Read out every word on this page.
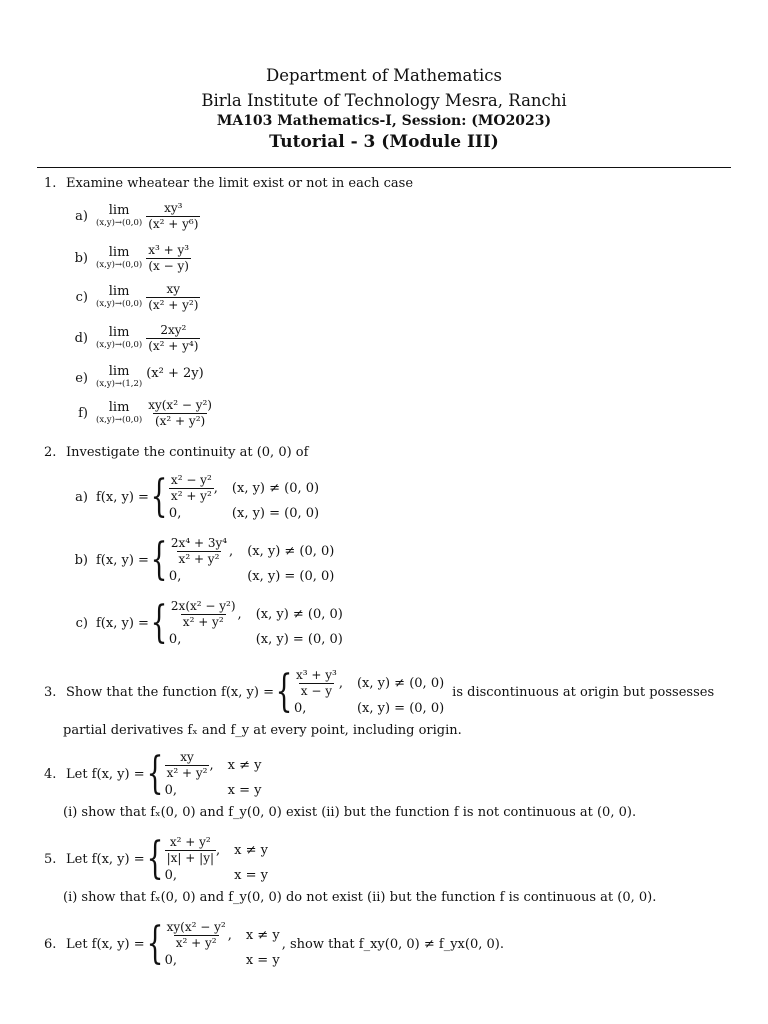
Department of Mathematics
Birla Institute of Technology Mesra, Ranchi
MA103 Mathematics-I, Session: (MO2023)
Tutorial - 3 (Module III)
1. Examine wheatear the limit exist or not in each case
a) lim
$(x,y)\to(0,0) \frac{\text{xy³}}{\text{(x² + y⁶)}}$
b) lim
$(x,y)\to(0,0) \frac{\text{x³ + y³}}{(x - y)}$
c) lim
$(x,y)\to(0,0) \frac{xy}{\text{(x² + y²)}}$
d) lim
$(x,y)\to(0,0) \frac{\text{2xy²}}{\text{(x² + y⁴)}}$
e) lim
(x,y)→(1,2)
(x² + 2y)
f) lim
$(x,y)\to(0,0) \frac{\text{xy(x² − y²)}}{\text{(x² + y²)}}$
2. Investigate the continuity at (0, 0) of
a) f(x, y) = { $\frac{\text{x² − y²}}{\text{x² + y²}}$ , (x, y) ≠ (0, 0)
0,	(x, y) = (0, 0)
b) f(x, y) = { $\frac{\text{2x⁴ + 3y⁴}}{\text{x² + y²}}$ , (x, y) ≠ (0, 0)
0,	(x, y) = (0, 0)
c) f(x, y) = { $\frac{\text{2x(x² − y²)}}{\text{x² + y²}}$ , (x, y) ≠ (0, 0)
0,	(x, y) = (0, 0)
3. Show that the function f(x, y) = { $\frac{\text{x³ + y³}}{x - y}$ , (x, y) ≠ (0, 0)
0,	(x, y) = (0, 0)
is discontinuous at origin but possesses
partial derivatives fₓ and f_y at every point, including origin.
4. Let f(x, y) = { $\frac{xy}{\text{x² + y²}}$ , x ≠ y
0,	x = y
(i) show that fₓ(0, 0) and f_y(0, 0) exist (ii) but the function f is not continuous at (0, 0).
5. Let f(x, y) = { $\frac{\text{x² + y²}}{|x| + |y|}$ , x ≠ y
0,	x = y
(i) show that fₓ(0, 0) and f_y(0, 0) do not exist (ii) but the function f is continuous at (0, 0).
6. Let f(x, y) = { $\frac{\text{xy(x² − y²}}{\text{x² + y²}}$ , x ≠ y
0,	x = y
, show that f_xy(0, 0) ≠ f_yx(0, 0).
